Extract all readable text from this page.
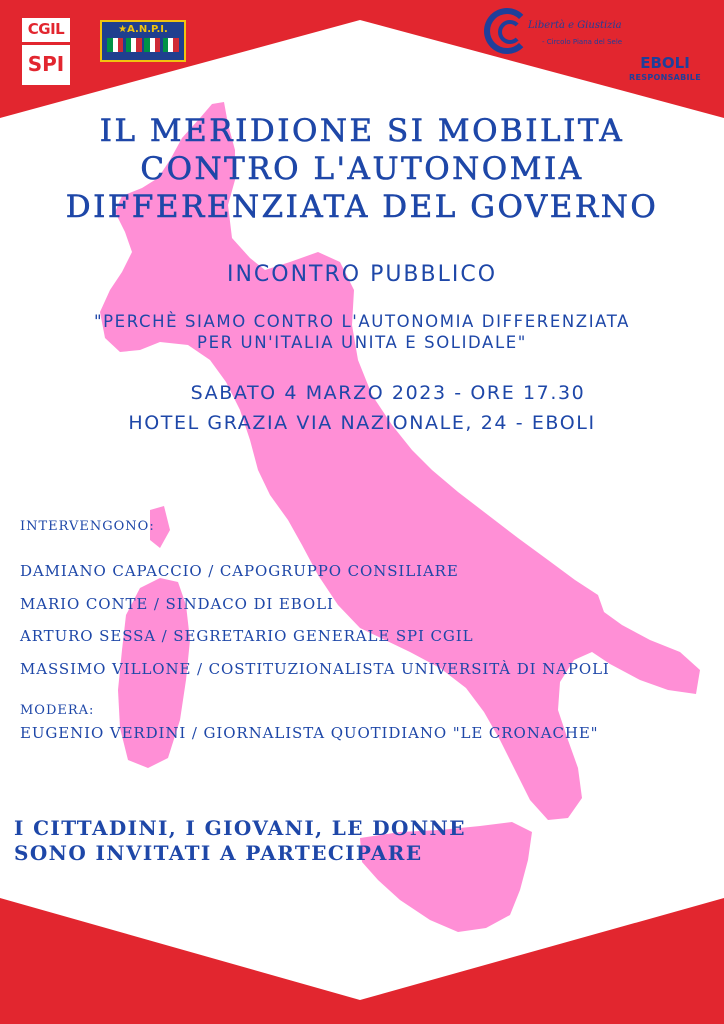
CGIL
SPI
★A.N.P.I.	Libertà e Giustizia
- Circolo Piana del Sele
EBOLI
RESPONSABILE
IL MERIDIONE SI MOBILITA
CONTRO L'AUTONOMIA
DIFFERENZIATA DEL GOVERNO
INCONTRO PUBBLICO
"PERCHÈ SIAMO CONTRO L'AUTONOMIA DIFFERENZIATA
PER UN'ITALIA UNITA E SOLIDALE"
SABATO 4 MARZO 2023 - ORE 17.30
HOTEL GRAZIA VIA NAZIONALE, 24 - EBOLI
INTERVENGONO:
DAMIANO CAPACCIO / CAPOGRUPPO CONSILIARE
MARIO CONTE / SINDACO DI EBOLI
ARTURO SESSA / SEGRETARIO GENERALE SPI CGIL
MASSIMO VILLONE / COSTITUZIONALISTA UNIVERSITÀ DI NAPOLI
MODERA:
EUGENIO VERDINI / GIORNALISTA QUOTIDIANO "LE CRONACHE"
I CITTADINI, I GIOVANI, LE DONNE
SONO INVITATI A PARTECIPARE
